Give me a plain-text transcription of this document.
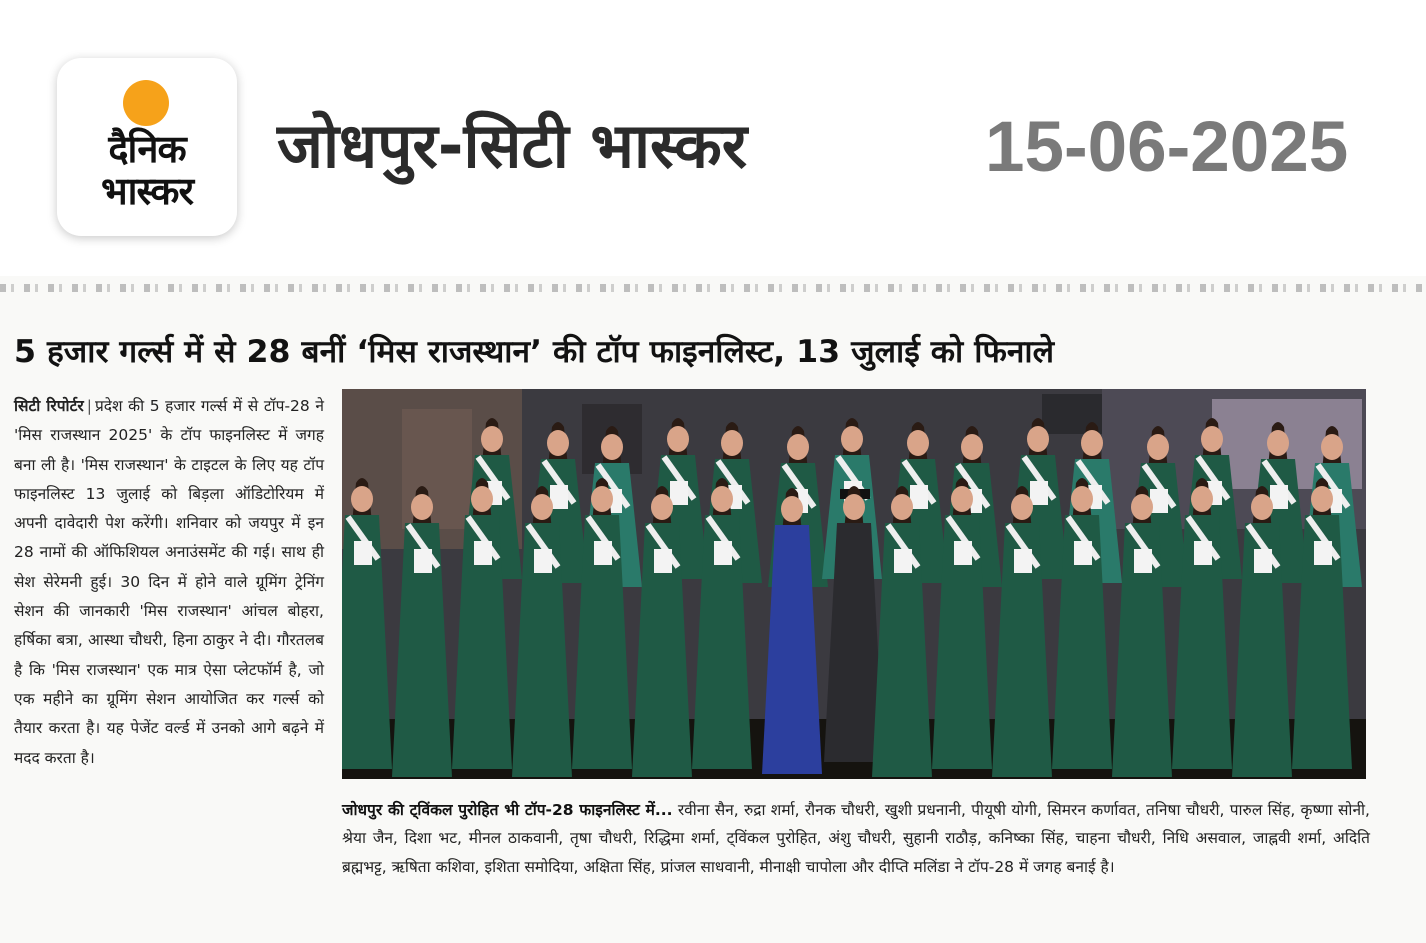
दैनिक
भास्कर
जोधपुर-सिटी भास्कर	15-06-2025
5 हजार गर्ल्स में से 28 बनीं ‘मिस राजस्थान’ की टॉप फाइनलिस्ट, 13 जुलाई को फिनाले
सिटी रिपोर्टर | प्रदेश की 5 हजार गर्ल्स में से टॉप-28 ने 'मिस राजस्थान 2025' के टॉप फाइनलिस्ट में जगह बना ली है। 'मिस राजस्थान' के टाइटल के लिए यह टॉप फाइनलिस्ट 13 जुलाई को बिड़ला ऑडिटोरियम में अपनी दावेदारी पेश करेंगी। शनिवार को जयपुर में इन 28 नामों की ऑफिशियल अनाउंसमेंट की गई। साथ ही सेश सेरेमनी हुई। 30 दिन में होने वाले ग्रूमिंग ट्रेनिंग सेशन की जानकारी 'मिस राजस्थान' आंचल बोहरा, हर्षिका बत्रा, आस्था चौधरी, हिना ठाकुर ने दी। गौरतलब है कि 'मिस राजस्थान' एक मात्र ऐसा प्लेटफॉर्म है, जो एक महीने का ग्रूमिंग सेशन आयोजित कर गर्ल्स को तैयार करता है। यह पेजेंट वर्ल्ड में उनको आगे बढ़ने में मदद करता है।
जोधपुर की ट्विंकल पुरोहित भी टॉप-28 फाइनलिस्ट में... रवीना सैन, रुद्रा शर्मा, रौनक चौधरी, खुशी प्रधनानी, पीयूषी योगी, सिमरन कर्णावत, तनिषा चौधरी, पारुल सिंह, कृष्णा सोनी, श्रेया जैन, दिशा भट, मीनल ठाकवानी, तृषा चौधरी, रिद्धिमा शर्मा, ट्विंकल पुरोहित, अंशु चौधरी, सुहानी राठौड़, कनिष्का सिंह, चाहना चौधरी, निधि असवाल, जाह्नवी शर्मा, अदिति ब्रह्मभट्ट, ऋषिता कशिवा, इशिता समोदिया, अक्षिता सिंह, प्रांजल साधवानी, मीनाक्षी चापोला और दीप्ति मलिंडा ने टॉप-28 में जगह बनाई है।
